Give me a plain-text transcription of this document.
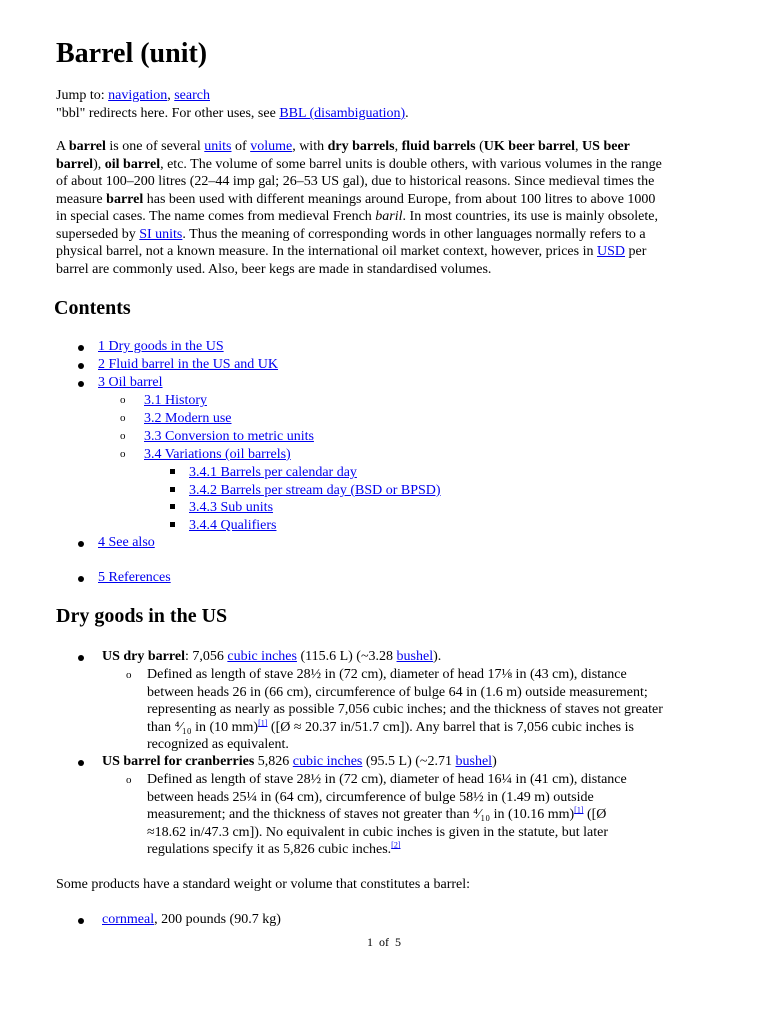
Barrel (unit)
Jump to: navigation, search
"bbl" redirects here. For other uses, see BBL (disambiguation).
A barrel is one of several units of volume, with dry barrels, fluid barrels (UK beer barrel, US beer
barrel), oil barrel, etc. The volume of some barrel units is double others, with various volumes in the range
of about 100–200 litres (22–44 imp gal; 26–53 US gal), due to historical reasons. Since medieval times the
measure barrel has been used with different meanings around Europe, from about 100 litres to above 1000
in special cases. The name comes from medieval French baril. In most countries, its use is mainly obsolete,
superseded by SI units. Thus the meaning of corresponding words in other languages normally refers to a
physical barrel, not a known measure. In the international oil market context, however, prices in USD per
barrel are commonly used. Also, beer kegs are made in standardised volumes.
Contents
1 Dry goods in the US
2 Fluid barrel in the US and UK
3 Oil barrel
o 3.1 History
o 3.2 Modern use
o 3.3 Conversion to metric units
o 3.4 Variations (oil barrels)
3.4.1 Barrels per calendar day
3.4.2 Barrels per stream day (BSD or BPSD)
3.4.3 Sub units
3.4.4 Qualifiers
4 See also
5 References
Dry goods in the US
US dry barrel: 7,056 cubic inches (115.6 L) (~3.28 bushel).
o Defined as length of stave 28½ in (72 cm), diameter of head 17⅛ in (43 cm), distance
between heads 26 in (66 cm), circumference of bulge 64 in (1.6 m) outside measurement;
representing as nearly as possible 7,056 cubic inches; and the thickness of staves not greater
than ⁴⁄₁₀ in (10 mm)[1] ([Ø ≈ 20.37 in/51.7 cm]). Any barrel that is 7,056 cubic inches is
recognized as equivalent.
US barrel for cranberries 5,826 cubic inches (95.5 L) (~2.71 bushel)
o Defined as length of stave 28½ in (72 cm), diameter of head 16¼ in (41 cm), distance
between heads 25¼ in (64 cm), circumference of bulge 58½ in (1.49 m) outside
measurement; and the thickness of staves not greater than ⁴⁄₁₀ in (10.16 mm)[1] ([Ø
≈18.62 in/47.3 cm]). No equivalent in cubic inches is given in the statute, but later
regulations specify it as 5,826 cubic inches.[2]
Some products have a standard weight or volume that constitutes a barrel:
cornmeal, 200 pounds (90.7 kg)
1 of 5
